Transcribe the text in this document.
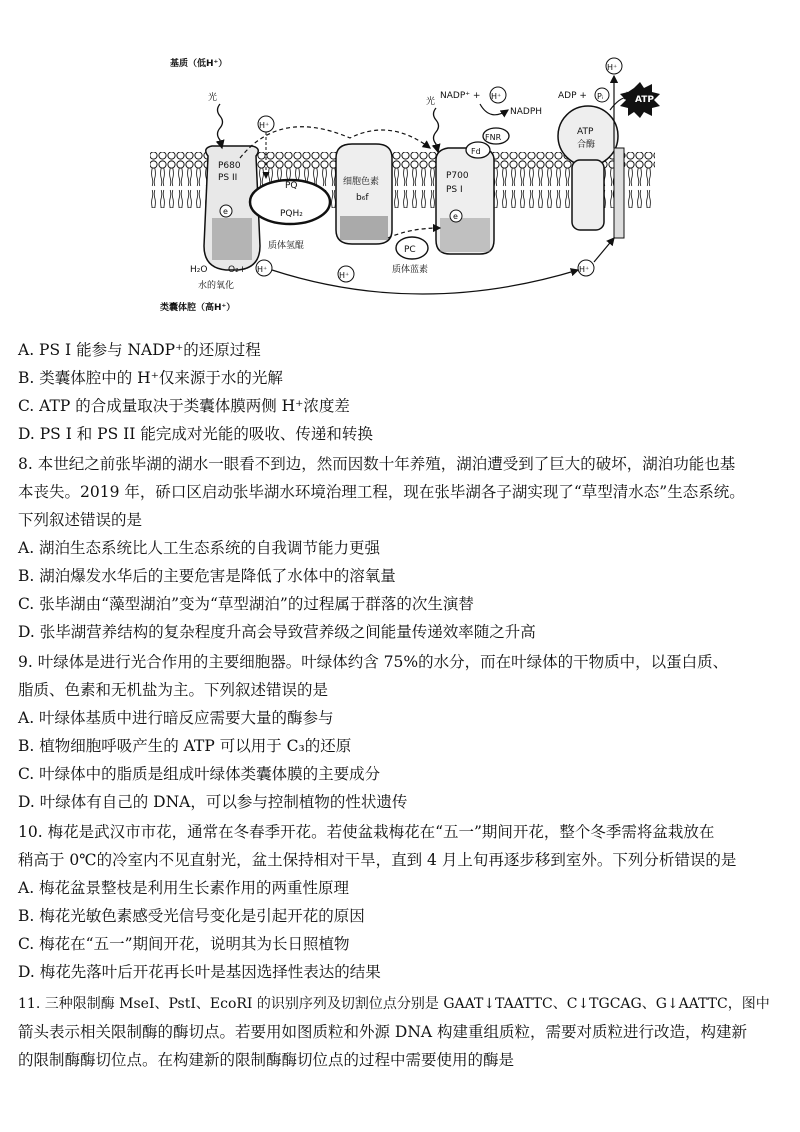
基质（低H⁺）
类囊体腔（高H⁺）
P680
PS II
e
光
H⁺
PQ
PQH₂
质体氢醌
细胞色素
b₆f
PC
质体蓝素
H⁺
H⁺
P700
PS I
e
光
Fd
FNR
NADP⁺ + H⁺
NADPH
ATP
合酶
ADP + Pᵢ	ATP
H⁺
H⁺
H₂O O₂+
水的氧化
A. PS I 能参与 NADP⁺的还原过程
B. 类囊体腔中的 H⁺仅来源于水的光解
C. ATP 的合成量取决于类囊体膜两侧 H⁺浓度差
D. PS I 和 PS II 能完成对光能的吸收、传递和转换
8. 本世纪之前张毕湖的湖水一眼看不到边，然而因数十年养殖，湖泊遭受到了巨大的破坏，湖泊功能也基
本丧失。2019 年，硚口区启动张毕湖水环境治理工程，现在张毕湖各子湖实现了“草型清水态”生态系统。
下列叙述错误的是
A. 湖泊生态系统比人工生态系统的自我调节能力更强
B. 湖泊爆发水华后的主要危害是降低了水体中的溶氧量
C. 张毕湖由“藻型湖泊”变为“草型湖泊”的过程属于群落的次生演替
D. 张毕湖营养结构的复杂程度升高会导致营养级之间能量传递效率随之升高
9. 叶绿体是进行光合作用的主要细胞器。叶绿体约含 75%的水分，而在叶绿体的干物质中，以蛋白质、
脂质、色素和无机盐为主。下列叙述错误的是
A. 叶绿体基质中进行暗反应需要大量的酶参与
B. 植物细胞呼吸产生的 ATP 可以用于 C₃的还原
C. 叶绿体中的脂质是组成叶绿体类囊体膜的主要成分
D. 叶绿体有自己的 DNA，可以参与控制植物的性状遗传
10. 梅花是武汉市市花，通常在冬春季开花。若使盆栽梅花在“五一”期间开花，整个冬季需将盆栽放在
稍高于 0℃的冷室内不见直射光，盆土保持相对干旱，直到 4 月上旬再逐步移到室外。下列分析错误的是
A. 梅花盆景整枝是利用生长素作用的两重性原理
B. 梅花光敏色素感受光信号变化是引起开花的原因
C. 梅花在“五一”期间开花，说明其为长日照植物
D. 梅花先落叶后开花再长叶是基因选择性表达的结果
11. 三种限制酶 MseI、PstI、EcoRI 的识别序列及切割位点分别是 GAAT↓TAATTC、C↓TGCAG、G↓AATTC，图中
箭头表示相关限制酶的酶切点。若要用如图质粒和外源 DNA 构建重组质粒，需要对质粒进行改造，构建新
的限制酶酶切位点。在构建新的限制酶酶切位点的过程中需要使用的酶是
